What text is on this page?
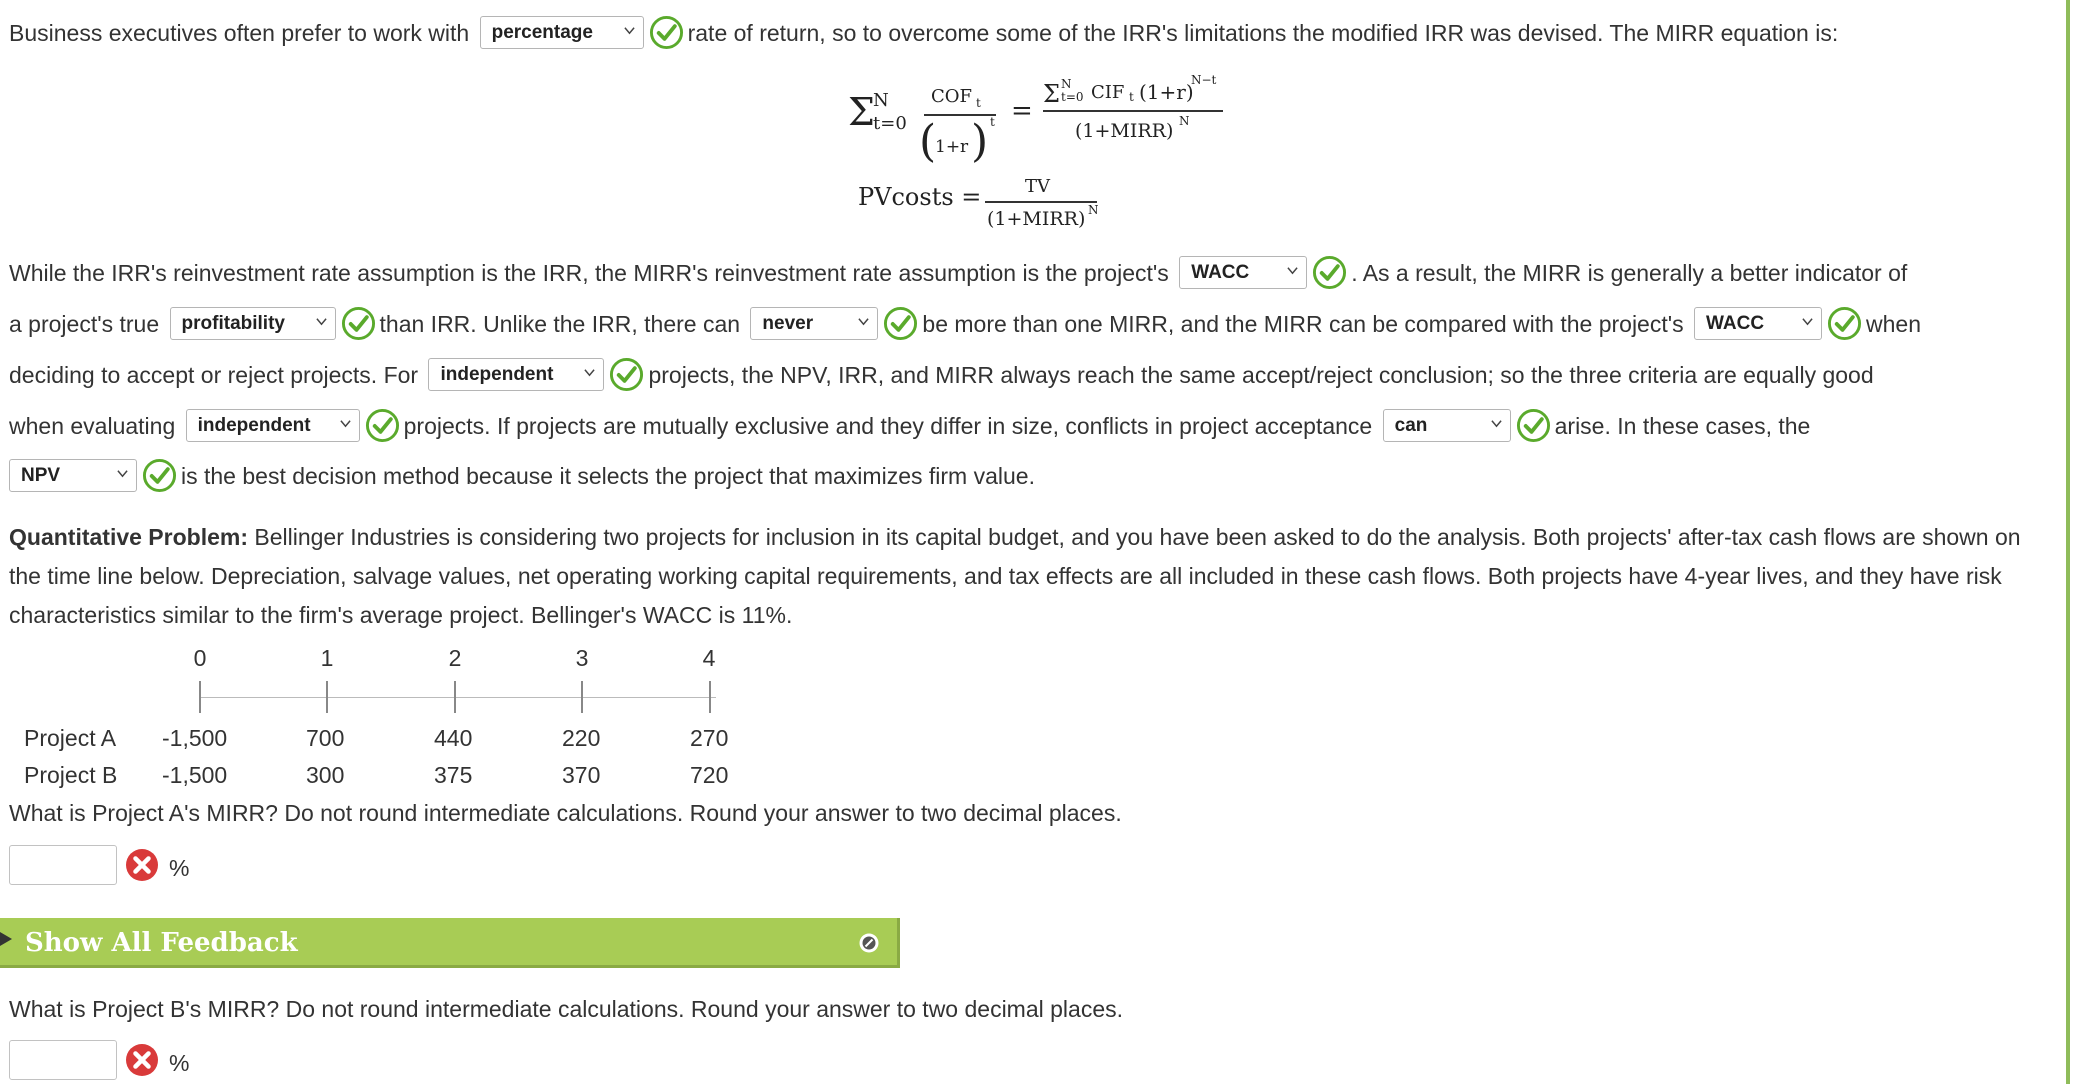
Business executives often prefer to work with percentage	rate of return, so to overcome some of the IRR's limitations the modified IRR was devised. The MIRR equation is:
Σ
N
t=0
COF t
(
1+r ) t =
Σ N
t=0 CIF t (1+r)
N−t
(1+MIRR) N
PVcosts = TV
(1+MIRR) N
While the IRR's reinvestment rate assumption is the IRR, the MIRR's reinvestment rate assumption is the project's WACC	. As a result, the MIRR is generally a better indicator of
a project's true profitability	than IRR. Unlike the IRR, there can never	be more than one MIRR, and the MIRR can be compared with the project's WACC	when
deciding to accept or reject projects. For independent	projects, the NPV, IRR, and MIRR always reach the same accept/reject conclusion; so the three criteria are equally good
when evaluating independent	projects. If projects are mutually exclusive and they differ in size, conflicts in project acceptance can	arise. In these cases, the
NPV	is the best decision method because it selects the project that maximizes firm value.
Quantitative Problem: Bellinger Industries is considering two projects for inclusion in its capital budget, and you have been asked to do the analysis. Both projects' after-tax cash flows are shown on the time line below. Depreciation, salvage values, net operating working capital requirements, and tax effects are all included in these cash flows. Both projects have 4-year lives, and they have risk characteristics similar to the firm's average project. Bellinger's WACC is 11%.
0	1	2	3	4
Project A -1,500	700	440	220	270
Project B -1,500	300	375	370	720
What is Project A's MIRR? Do not round intermediate calculations. Round your answer to two decimal places.
%
Show All Feedback
What is Project B's MIRR? Do not round intermediate calculations. Round your answer to two decimal places.
%
